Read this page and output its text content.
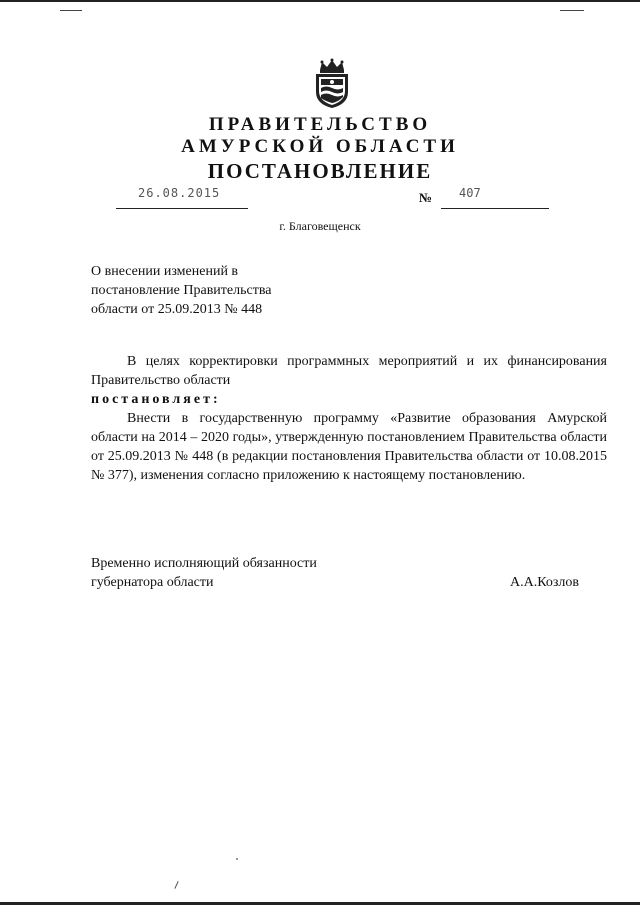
ПРАВИТЕЛЬСТВО
АМУРСКОЙ ОБЛАСТИ
ПОСТАНОВЛЕНИЕ
26.08.2015	№ 407
г. Благовещенск
О внесении изменений в
постановление Правительства
области от 25.09.2013 № 448

В целях корректировки программных мероприятий и их финансирования Правительство области

постановляет:

Внести в государственную программу «Развитие образования Амурской области на 2014 – 2020 годы», утвержденную постановлением Правительства области от 25.09.2013 № 448 (в редакции постановления Правительства области от 10.08.2015 № 377), изменения согласно приложению к настоящему постановлению.

Временно исполняющий обязанности
губернатора области	А.А.Козлов
